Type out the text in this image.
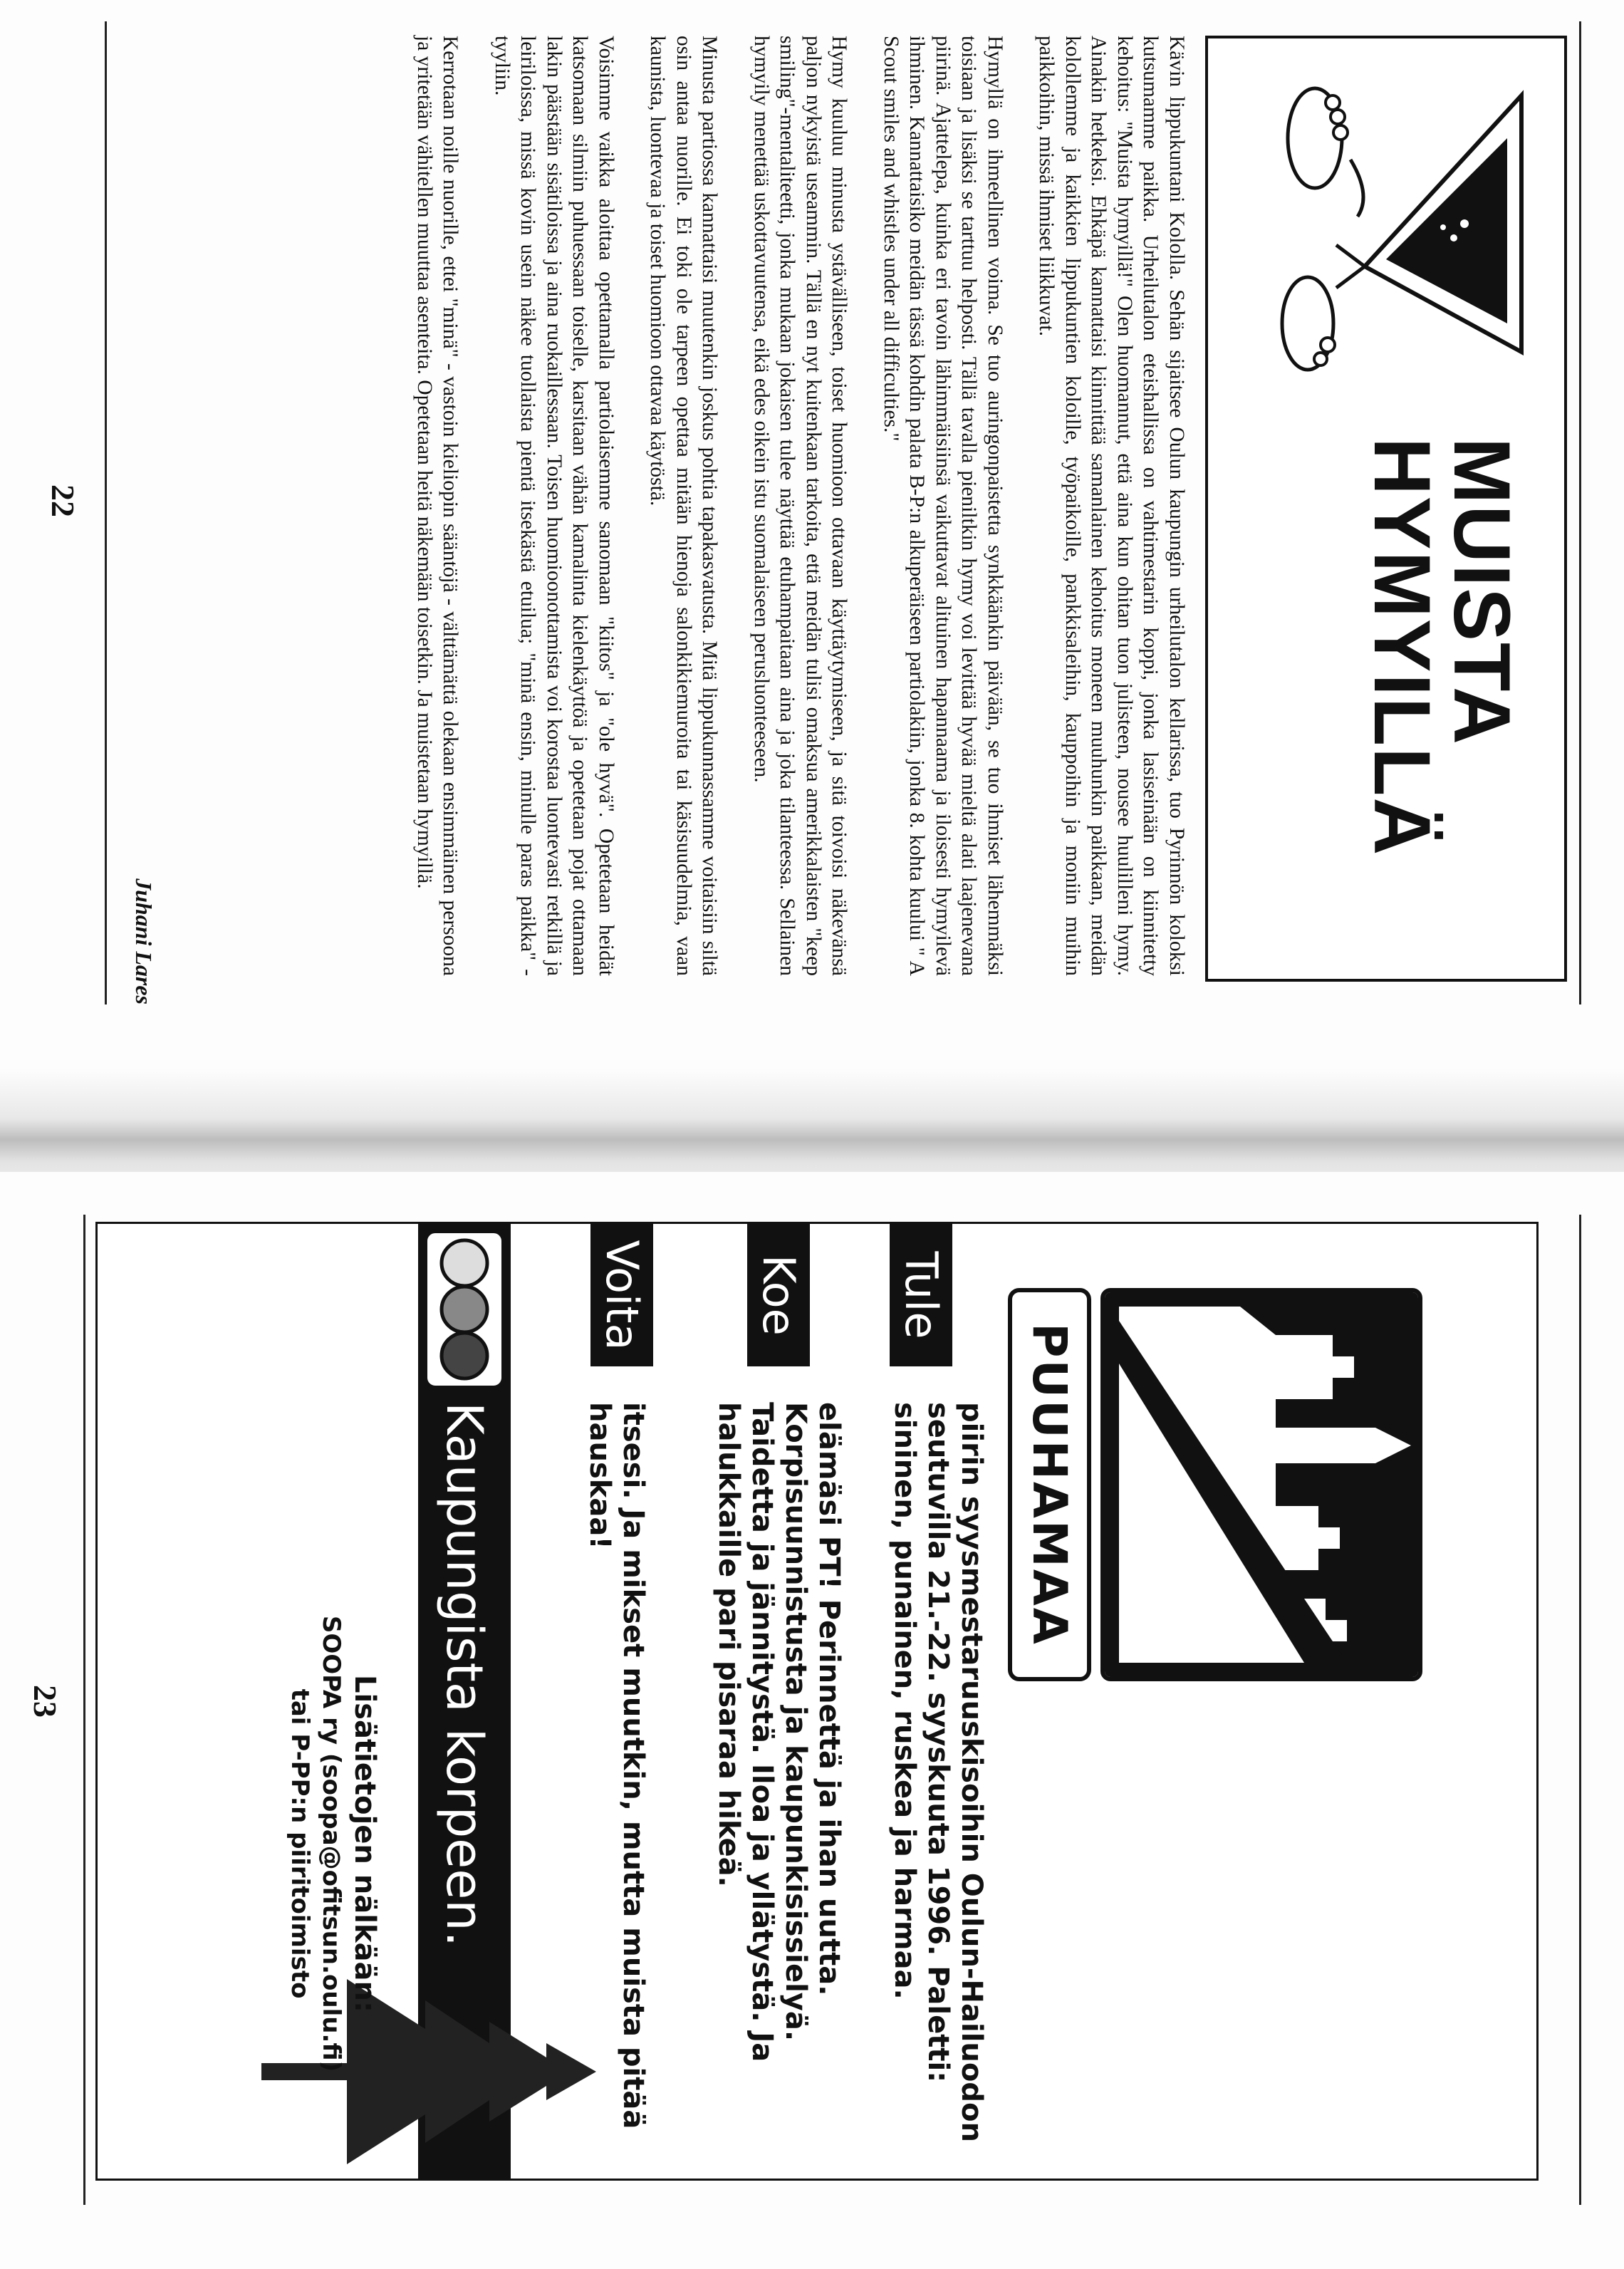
MUISTA
HYMYILLÄ

Kävin lippukuntani Kololla. Sehän sijaitsee Oulun kaupungin urheilutalon kellarissa, tuo Pyrinnön koloksi kutsumamme paikka. Urheilutalon eteishallissa on vahtimestarin koppi, jonka lasiseinään on kiinnitetty kehoitus: "Muista hymyillä!" Olen huomannut, että aina kun ohitan tuon julisteen, nousee huulilleni hymy. Ainakin hetkeksi. Ehkäpä kannattaisi kiinnittää samanlainen kehoitus moneen muuhunkin paikkaan, meidän kolollemme ja kaikkien lippukuntien koloille, työpaikoille, pankkisaleihin, kauppoihin ja moniin muihin paikkoihin, missä ihmiset liikkuvat.

Hymyllä on ihmeellinen voima. Se tuo auringonpaistetta synkkäänkin päivään, se tuo ihmiset lähemmäksi toisiaan ja lisäksi se tarttuu helposti. Tällä tavalla pieniltkin hymy voi levittää hyvää mieltä alati laajenevana piirinä. Ajattelepa, kuinka eri tavoin lähimmäisiinsä vaikuttavat alituinen hapannaama ja iloisesti hymyilevä ihminen. Kannattaisiko meidän tässä kohdin palata B-P:n alkuperäiseen partiolakiin, jonka 8. kohta kuului " A Scout smiles and whistles under all difficulties."

Hymy kuuluu minusta ystävälliseen, toiset huomioon ottavaan käyttäytymiseen, ja sitä toivoisi näkevänsä paljon nykyistä useammin. Tällä en nyt kuitenkaan tarkoita, että meidän tulisi omaksua amerikkalaisten "keep smiling"-mentaliteetti, jonka mukaan jokaisen tulee näyttää etuhampaitaan aina ja joka tilanteessa. Sellainen hymyily menettää uskottavuutensa, eikä edes oikein istu suomalaiseen perusluonteeseen.

Minusta partiossa kannattaisi muutenkin joskus pohtia tapakasvatusta. Mitä lippukunnassamme voitaisiin siltä osin antaa nuorille. Ei toki ole tarpeen opettaa mitään hienoja salonkikiemuroita tai käsisuudelmia, vaan kaunista, luontevaa ja toiset huomioon ottavaa käytöstä.

Voisimme vaikka aloittaa opettamalla partiolaisemme sanomaan "kiitos" ja "ole hyvä". Opetetaan heidät katsomaan silmiin puhuessaan toiselle, karsitaan vähän kamalinta kielenkäyttöä ja opetetaan pojat ottamaan lakin päästään sisätiloissa ja aina ruokaillessaan. Toisen huomioonottamista voi korostaa luontevasti retkillä ja leiriloissa, missä kovin usein näkee tuollaista pientä itsekästä etuilua; "minä ensin, minulle paras paikka" -tyyliin.

Kerrotaan noille nuorille, ettei "minä" - vastoin kieliopin sääntöjä - välttämättä olekaan ensimmäinen persoona ja yritetään vähitellen muuttaa asenteita. Opetetaan heitä näkemään toisetkin. Ja muistetaan hymyillä.

Juhani Lares
22
PUUHAMAA
Tule
piirin syysmestaruuskisoihin Oulun-Hailuodon seutuvilla 21.-22. syyskuuta 1996. Paletti: sininen, punainen, ruskea ja harmaa.
Koe
elämäsi PT! Perinnettä ja ihan uutta. Korpisuunnistusta ja kaupunkisissielyä. Taidetta ja jännitystä. Iloa ja yllätystä. Ja halukkaille pari pisaraa hikeä.
Voita
itsesi. Ja mikset muutkin, mutta muista pitää hauskaa!
Kaupungista korpeen.
Lisätietojen nälkään:
SOOPA ry (soopa@ofitsun.oulu.fi)
tai P-PP:n piiritoimisto
23
